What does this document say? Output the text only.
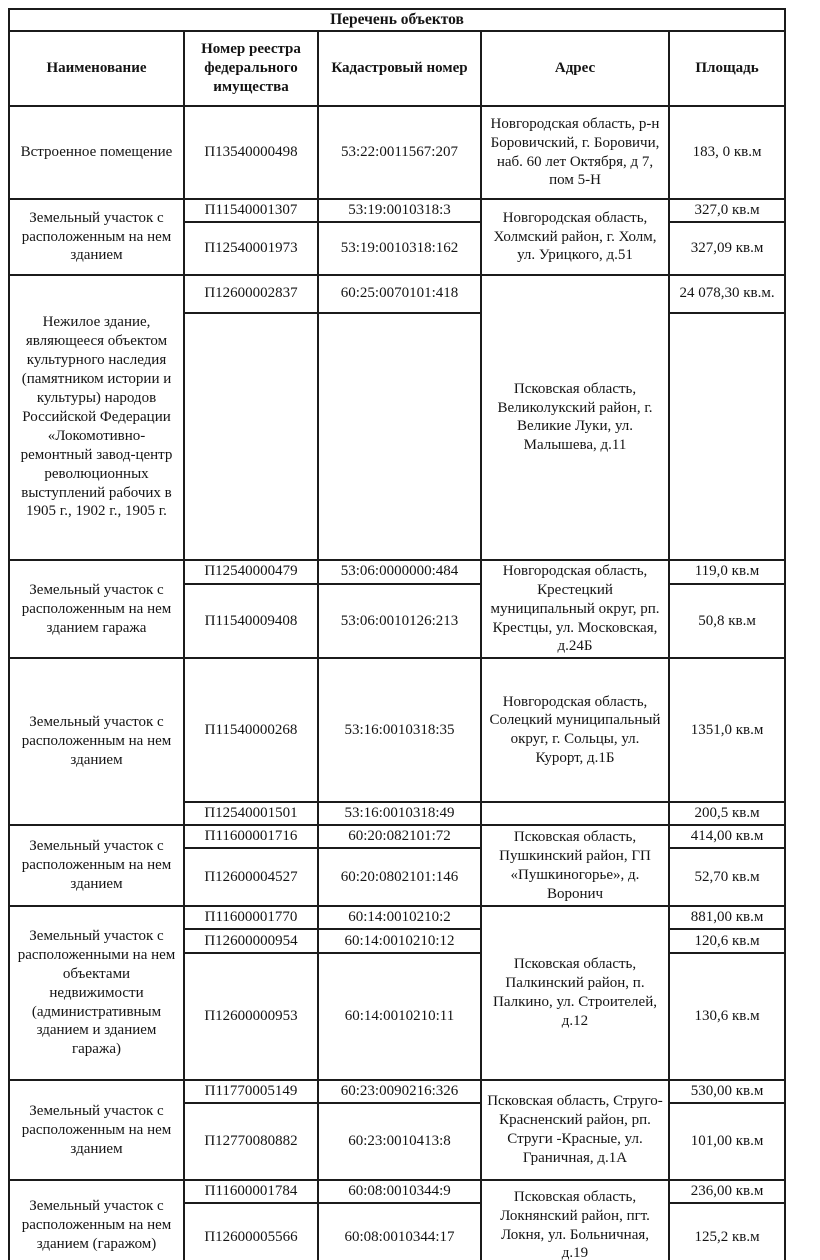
Перечень объектов				
Наименование	Номер реестра федерального имущества	Кадастровый номер	Адрес	Площадь
Встроенное помещение	П13540000498	53:22:0011567:207	Новгородская область, р-н Боровичский, г. Боровичи, наб. 60 лет Октября, д 7, пом 5-Н	183, 0 кв.м
Земельный участок с расположенным на нем зданием	П11540001307	53:19:0010318:3	Новгородская область, Холмский район, г. Холм, ул. Урицкого, д.51	327,0 кв.м
	П12540001973	53:19:0010318:162		327,09 кв.м
Нежилое здание, являющееся объектом культурного наследия (памятником истории и культуры) народов Российской Федерации «Локомотивно-ремонтный завод-центр революционных выступлений рабочих в 1905 г., 1902 г., 1905 г.	П12600002837	60:25:0070101:418	Псковская область, Великолукский район, г. Великие Луки, ул. Малышева, д.11	24 078,30 кв.м.

Земельный участок с расположенным на нем зданием гаража	П12540000479	53:06:0000000:484	Новгородская область, Крестецкий муниципальный округ, рп. Крестцы, ул. Московская, д.24Б	119,0 кв.м
	П11540009408	53:06:0010126:213		50,8 кв.м
Земельный участок с расположенным на нем зданием	П11540000268	53:16:0010318:35	Новгородская область, Солецкий муниципальный округ, г. Сольцы, ул. Курорт, д.1Б	1351,0 кв.м
	П12540001501	53:16:0010318:49		200,5 кв.м
Земельный участок с расположенным на нем зданием	П11600001716	60:20:082101:72	Псковская область, Пушкинский район, ГП «Пушкиногорье», д. Воронич	414,00 кв.м
	П12600004527	60:20:0802101:146		52,70 кв.м
Земельный участок с расположенными на нем объектами недвижимости (административным зданием и зданием гаража)	П11600001770	60:14:0010210:2	Псковская область, Палкинский район, п. Палкино, ул. Строителей, д.12	881,00 кв.м
	П12600000954	60:14:0010210:12		120,6 кв.м
	П12600000953	60:14:0010210:11		130,6 кв.м
Земельный участок с расположенным на нем зданием	П11770005149	60:23:0090216:326	Псковская область, Струго-Красненский район, рп. Струги -Красные, ул. Граничная, д.1А	530,00 кв.м
	П12770080882	60:23:0010413:8		101,00 кв.м
Земельный участок с расположенным на нем зданием (гаражом)	П11600001784	60:08:0010344:9	Псковская область, Локнянский район, пгт. Локня, ул. Больничная, д.19	236,00 кв.м
	П12600005566	60:08:0010344:17		125,2 кв.м
